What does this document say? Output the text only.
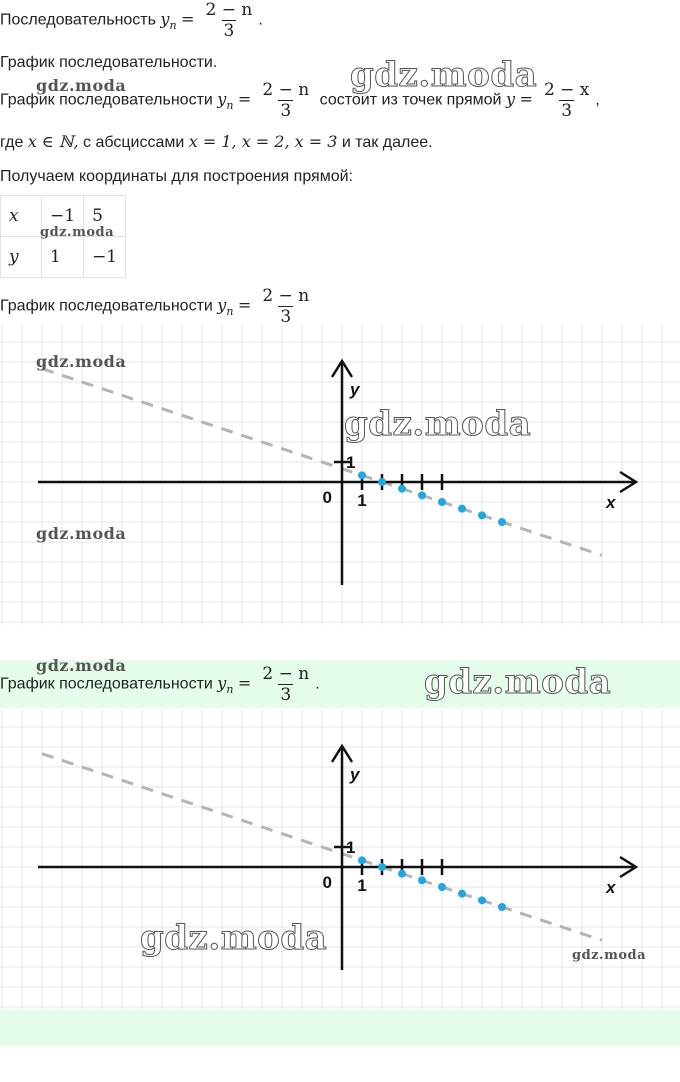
Последовательность $y_n = \frac{2 - n}{3}$ .
График последовательности.
График последовательности $y_n = \frac{2 - n}{3}$ состоит из точек прямой $y = \frac{2 - x}{3}$ ,
где x ∈ ℕ, с абсциссами x = 1, x = 2, x = 3 и так далее.
Получаем координаты для построения прямой:
x	−1	5
y	1	−1
График последовательности $y_n = \frac{2 - n}{3}$
y
x
0 1
1
График последовательности $y_n = \frac{2 - n}{3}$ .
y
x
0 1
1
gdz.moda	gdz.moda
gdz.moda
gdz.moda
gdz.moda
gdz.moda
gdz.moda	gdz.moda
gdz.moda	gdz.moda
